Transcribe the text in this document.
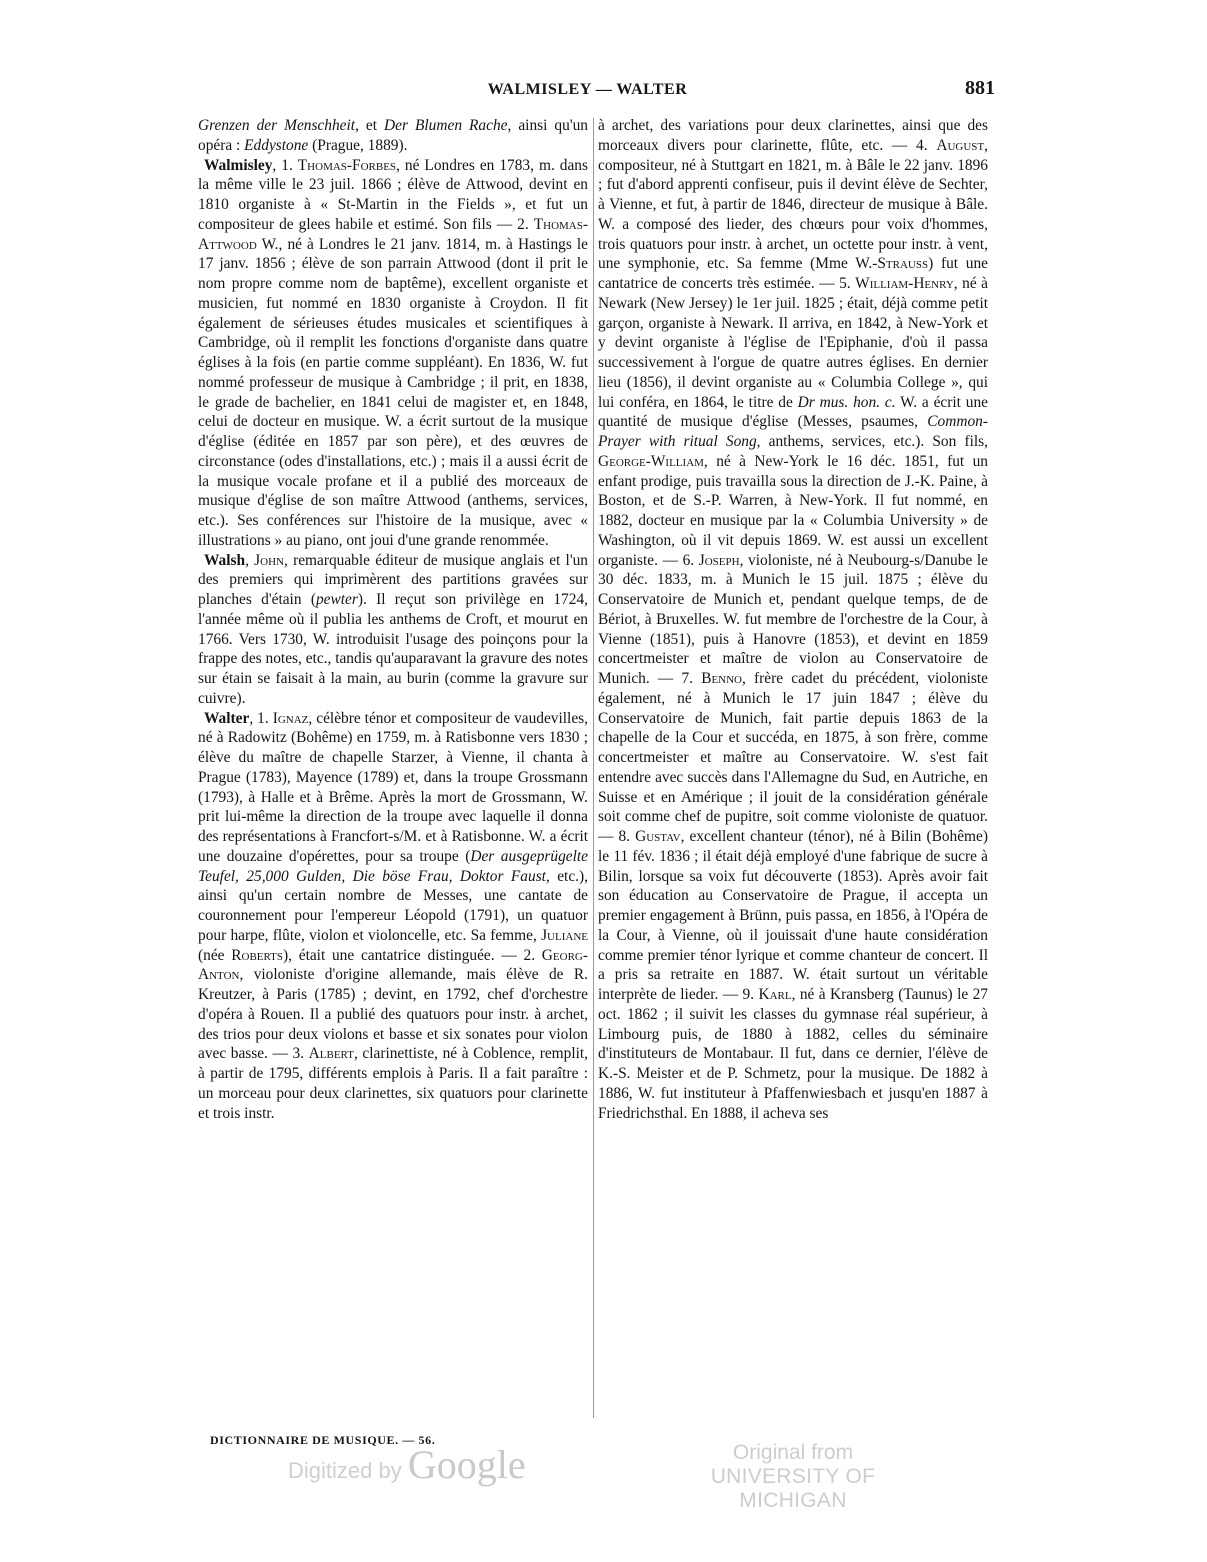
WALMISLEY — WALTER	881

Grenzen der Menschheit, et Der Blumen Rache, ainsi qu'un opéra : Eddystone (Prague, 1889).

Walmisley, 1. Thomas-Forbes, né Londres en 1783, m. dans la même ville le 23 juil. 1866 ; élève de Attwood, devint en 1810 organiste à « St-Martin in the Fields », et fut un compositeur de glees habile et estimé. Son fils — 2. Thomas-Attwood W., né à Londres le 21 janv. 1814, m. à Hastings le 17 janv. 1856 ; élève de son parrain Attwood (dont il prit le nom propre comme nom de baptême), excellent organiste et musicien, fut nommé en 1830 organiste à Croydon. Il fit également de sérieuses études musicales et scientifiques à Cambridge, où il remplit les fonctions d'organiste dans quatre églises à la fois (en partie comme suppléant). En 1836, W. fut nommé professeur de musique à Cambridge ; il prit, en 1838, le grade de bachelier, en 1841 celui de magister et, en 1848, celui de docteur en musique. W. a écrit surtout de la musique d'église (éditée en 1857 par son père), et des œuvres de circonstance (odes d'installations, etc.) ; mais il a aussi écrit de la musique vocale profane et il a publié des morceaux de musique d'église de son maître Attwood (anthems, services, etc.). Ses conférences sur l'histoire de la musique, avec « illustrations » au piano, ont joui d'une grande renommée.

Walsh, John, remarquable éditeur de musique anglais et l'un des premiers qui imprimèrent des partitions gravées sur planches d'étain (pewter). Il reçut son privilège en 1724, l'année même où il publia les anthems de Croft, et mourut en 1766. Vers 1730, W. introduisit l'usage des poinçons pour la frappe des notes, etc., tandis qu'auparavant la gravure des notes sur étain se faisait à la main, au burin (comme la gravure sur cuivre).

Walter, 1. Ignaz, célèbre ténor et compositeur de vaudevilles, né à Radowitz (Bohême) en 1759, m. à Ratisbonne vers 1830 ; élève du maître de chapelle Starzer, à Vienne, il chanta à Prague (1783), Mayence (1789) et, dans la troupe Grossmann (1793), à Halle et à Brême. Après la mort de Grossmann, W. prit lui-même la direction de la troupe avec laquelle il donna des représentations à Francfort-s/M. et à Ratisbonne. W. a écrit une douzaine d'opérettes, pour sa troupe (Der ausgeprügelte Teufel, 25,000 Gulden, Die böse Frau, Doktor Faust, etc.), ainsi qu'un certain nombre de Messes, une cantate de couronnement pour l'empereur Léopold (1791), un quatuor pour harpe, flûte, violon et violoncelle, etc. Sa femme, Juliane (née Roberts), était une cantatrice distinguée. — 2. Georg-Anton, violoniste d'origine allemande, mais élève de R. Kreutzer, à Paris (1785) ; devint, en 1792, chef d'orchestre d'opéra à Rouen. Il a publié des quatuors pour instr. à archet, des trios pour deux violons et basse et six sonates pour violon avec basse. — 3. Albert, clarinettiste, né à Coblence, remplit, à partir de 1795, différents emplois à Paris. Il a fait paraître : un morceau pour deux clarinettes, six quatuors pour clarinette et trois instr.

à archet, des variations pour deux clarinettes, ainsi que des morceaux divers pour clarinette, flûte, etc. — 4. August, compositeur, né à Stuttgart en 1821, m. à Bâle le 22 janv. 1896 ; fut d'abord apprenti confiseur, puis il devint élève de Sechter, à Vienne, et fut, à partir de 1846, directeur de musique à Bâle. W. a composé des lieder, des chœurs pour voix d'hommes, trois quatuors pour instr. à archet, un octette pour instr. à vent, une symphonie, etc. Sa femme (Mme W.-Strauss) fut une cantatrice de concerts très estimée. — 5. William-Henry, né à Newark (New Jersey) le 1er juil. 1825 ; était, déjà comme petit garçon, organiste à Newark. Il arriva, en 1842, à New-York et y devint organiste à l'église de l'Epiphanie, d'où il passa successivement à l'orgue de quatre autres églises. En dernier lieu (1856), il devint organiste au « Columbia College », qui lui conféra, en 1864, le titre de Dr mus. hon. c. W. a écrit une quantité de musique d'église (Messes, psaumes, Common-Prayer with ritual Song, anthems, services, etc.). Son fils, George-William, né à New-York le 16 déc. 1851, fut un enfant prodige, puis travailla sous la direction de J.-K. Paine, à Boston, et de S.-P. Warren, à New-York. Il fut nommé, en 1882, docteur en musique par la « Columbia University » de Washington, où il vit depuis 1869. W. est aussi un excellent organiste. — 6. Joseph, violoniste, né à Neubourg-s/Danube le 30 déc. 1833, m. à Munich le 15 juil. 1875 ; élève du Conservatoire de Munich et, pendant quelque temps, de de Bériot, à Bruxelles. W. fut membre de l'orchestre de la Cour, à Vienne (1851), puis à Hanovre (1853), et devint en 1859 concertmeister et maître de violon au Conservatoire de Munich. — 7. Benno, frère cadet du précédent, violoniste également, né à Munich le 17 juin 1847 ; élève du Conservatoire de Munich, fait partie depuis 1863 de la chapelle de la Cour et succéda, en 1875, à son frère, comme concertmeister et maître au Conservatoire. W. s'est fait entendre avec succès dans l'Allemagne du Sud, en Autriche, en Suisse et en Amérique ; il jouit de la considération générale soit comme chef de pupitre, soit comme violoniste de quatuor. — 8. Gustav, excellent chanteur (ténor), né à Bilin (Bohême) le 11 fév. 1836 ; il était déjà employé d'une fabrique de sucre à Bilin, lorsque sa voix fut découverte (1853). Après avoir fait son éducation au Conservatoire de Prague, il accepta un premier engagement à Brünn, puis passa, en 1856, à l'Opéra de la Cour, à Vienne, où il jouissait d'une haute considération comme premier ténor lyrique et comme chanteur de concert. Il a pris sa retraite en 1887. W. était surtout un véritable interprète de lieder. — 9. Karl, né à Kransberg (Taunus) le 27 oct. 1862 ; il suivit les classes du gymnase réal supérieur, à Limbourg puis, de 1880 à 1882, celles du séminaire d'instituteurs de Montabaur. Il fut, dans ce dernier, l'élève de K.-S. Meister et de P. Schmetz, pour la musique. De 1882 à 1886, W. fut instituteur à Pfaffenwiesbach et jusqu'en 1887 à Friedrichsthal. En 1888, il acheva ses

DICTIONNAIRE DE MUSIQUE. — 56.
Digitized by Google	Original from
UNIVERSITY OF MICHIGAN
